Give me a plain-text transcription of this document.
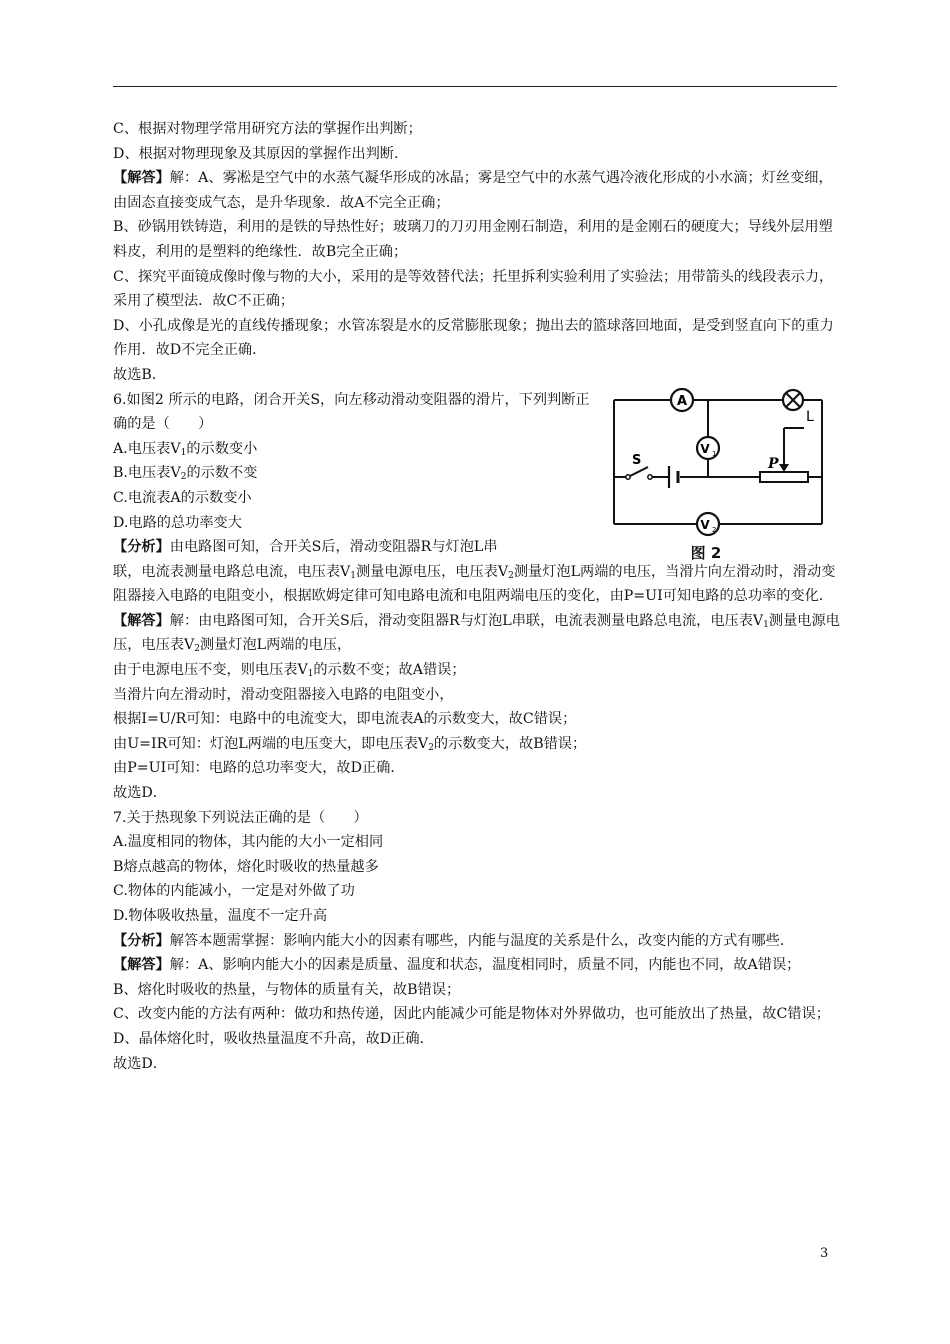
C、根据对物理学常用研究方法的掌握作出判断；

D、根据对物理现象及其原因的掌握作出判断.

【解答】解：A、雾凇是空气中的水蒸气凝华形成的冰晶；雾是空气中的水蒸气遇冷液化形成的小水滴；灯丝变细，由固态直接变成气态，是升华现象．故A不完全正确；

B、砂锅用铁铸造，利用的是铁的导热性好；玻璃刀的刀刃用金刚石制造，利用的是金刚石的硬度大；导线外层用塑料皮，利用的是塑料的绝缘性．故B完全正确；

C、探究平面镜成像时像与物的大小，采用的是等效替代法；托里拆利实验利用了实验法；用带箭头的线段表示力，采用了模型法．故C不正确；

D、小孔成像是光的直线传播现象；水管冻裂是水的反常膨胀现象；抛出去的篮球落回地面，是受到竖直向下的重力作用．故D不完全正确．

故选B．

6.如图2 所示的电路，闭合开关S，向左移动滑动变阻器的滑片，下列判断正确的是（　　）

A.电压表$V_1$的示数变小

B.电压表$V_2$的示数不变

C.电流表A的示数变小

D.电路的总功率变大

【分析】由电路图可知，合开关S后，滑动变阻器R与灯泡L串

联，电流表测量电路总电流，电压表$V_1$测量电源电压，电压表$V_2$测量灯泡L两端的电压，当滑片向左滑动时，滑动变阻器接入电路的电阻变小，根据欧姆定律可知电路电流和电阻两端电压的变化，由P=UI可知电路的总功率的变化．

【解答】解：由电路图可知，合开关S后，滑动变阻器R与灯泡L串联，电流表测量电路总电流，电压表$V_1$测量电源电压，电压表$V_2$测量灯泡L两端的电压，

由于电源电压不变，则电压表$V_1$的示数不变；故A错误；

当滑片向左滑动时，滑动变阻器接入电路的电阻变小，

根据I=U/R可知：电路中的电流变大，即电流表A的示数变大，故C错误；

由U=IR可知：灯泡L两端的电压变大，即电压表$V_2$的示数变大，故B错误；

由P=UI可知：电路的总功率变大，故D正确．

故选D．

7.关于热现象下列说法正确的是（　　）

A.温度相同的物体，其内能的大小一定相同

B熔点越高的物体，熔化时吸收的热量越多

C.物体的内能减小，一定是对外做了功

D.物体吸收热量，温度不一定升高

【分析】解答本题需掌握：影响内能大小的因素有哪些，内能与温度的关系是什么，改变内能的方式有哪些．

【解答】解：A、影响内能大小的因素是质量、温度和状态，温度相同时，质量不同，内能也不同，故A错误；

B、熔化时吸收的热量，与物体的质量有关，故B错误；

C、改变内能的方法有两种：做功和热传递，因此内能减少可能是物体对外界做功，也可能放出了热量，故C错误；

D、晶体熔化时，吸收热量温度不升高，故D正确．

故选D．

A
L
V 1
V 2
S	P
图 2
3
